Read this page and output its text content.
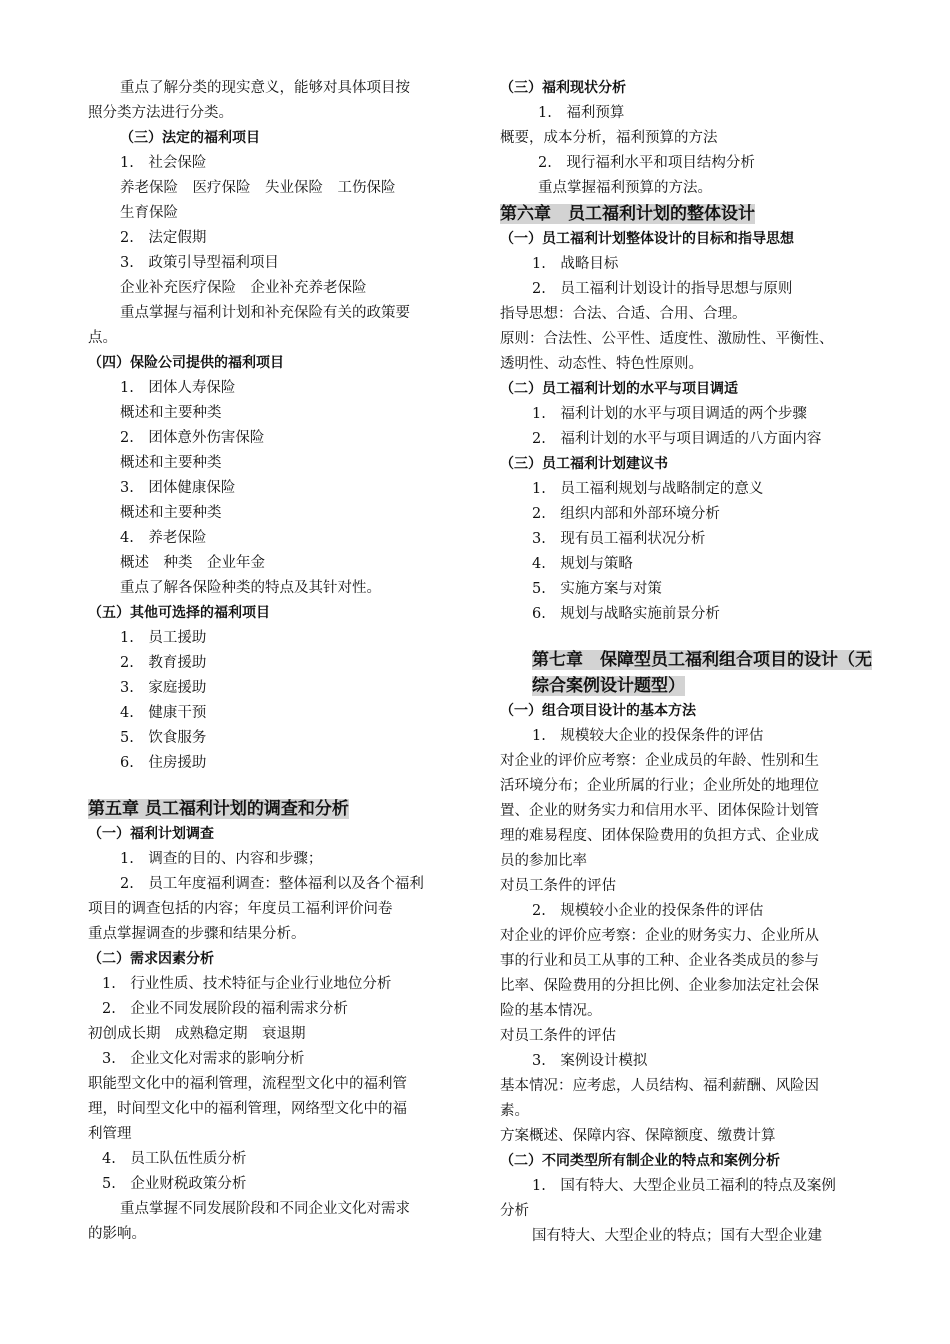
重点了解分类的现实意义，能够对具体项目按
照分类方法进行分类。
（三）法定的福利项目
1.　社会保险
养老保险　医疗保险　失业保险　工伤保险
生育保险
2.　法定假期
3.　政策引导型福利项目
企业补充医疗保险　企业补充养老保险
重点掌握与福利计划和补充保险有关的政策要
点。
（四）保险公司提供的福利项目
1.　团体人寿保险
概述和主要种类
2.　团体意外伤害保险
概述和主要种类
3.　团体健康保险
概述和主要种类
4.　养老保险
概述　种类　企业年金
重点了解各保险种类的特点及其针对性。
（五）其他可选择的福利项目
1.　员工援助
2.　教育援助
3.　家庭援助
4.　健康干预
5.　饮食服务
6.　住房援助
第五章 员工福利计划的调查和分析
（一）福利计划调查
1.　调查的目的、内容和步骤；
2.　员工年度福利调查：整体福利以及各个福利
项目的调查包括的内容；年度员工福利评价问卷
重点掌握调查的步骤和结果分析。
（二）需求因素分析
1.　行业性质、技术特征与企业行业地位分析
2.　企业不同发展阶段的福利需求分析
初创成长期　成熟稳定期　衰退期
3.　企业文化对需求的影响分析
职能型文化中的福利管理，流程型文化中的福利管
理，时间型文化中的福利管理，网络型文化中的福
利管理
4.　员工队伍性质分析
5.　企业财税政策分析
重点掌握不同发展阶段和不同企业文化对需求
的影响。
（三）福利现状分析
1.　福利预算
概要，成本分析，福利预算的方法
2.　现行福利水平和项目结构分析
重点掌握福利预算的方法。
第六章　员工福利计划的整体设计
（一）员工福利计划整体设计的目标和指导思想
1.　战略目标
2.　员工福利计划设计的指导思想与原则
指导思想：合法、合适、合用、合理。
原则：合法性、公平性、适度性、激励性、平衡性、
透明性、动态性、特色性原则。
（二）员工福利计划的水平与项目调适
1.　福利计划的水平与项目调适的两个步骤
2.　福利计划的水平与项目调适的八方面内容
（三）员工福利计划建议书
1.　员工福利规划与战略制定的意义
2.　组织内部和外部环境分析
3.　现有员工福利状况分析
4.　规划与策略
5.　实施方案与对策
6.　规划与战略实施前景分析
第七章　保障型员工福利组合项目的设计（无综合案例设计题型）
（一）组合项目设计的基本方法
1.　规模较大企业的投保条件的评估
对企业的评价应考察：企业成员的年龄、性别和生
活环境分布；企业所属的行业；企业所处的地理位
置、企业的财务实力和信用水平、团体保险计划管
理的难易程度、团体保险费用的负担方式、企业成
员的参加比率
对员工条件的评估
2.　规模较小企业的投保条件的评估
对企业的评价应考察：企业的财务实力、企业所从
事的行业和员工从事的工种、企业各类成员的参与
比率、保险费用的分担比例、企业参加法定社会保
险的基本情况。
对员工条件的评估
3.　案例设计模拟
基本情况：应考虑，人员结构、福利薪酬、风险因
素。
方案概述、保障内容、保障额度、缴费计算
（二）不同类型所有制企业的特点和案例分析
1.　国有特大、大型企业员工福利的特点及案例
分析
国有特大、大型企业的特点；国有大型企业建
